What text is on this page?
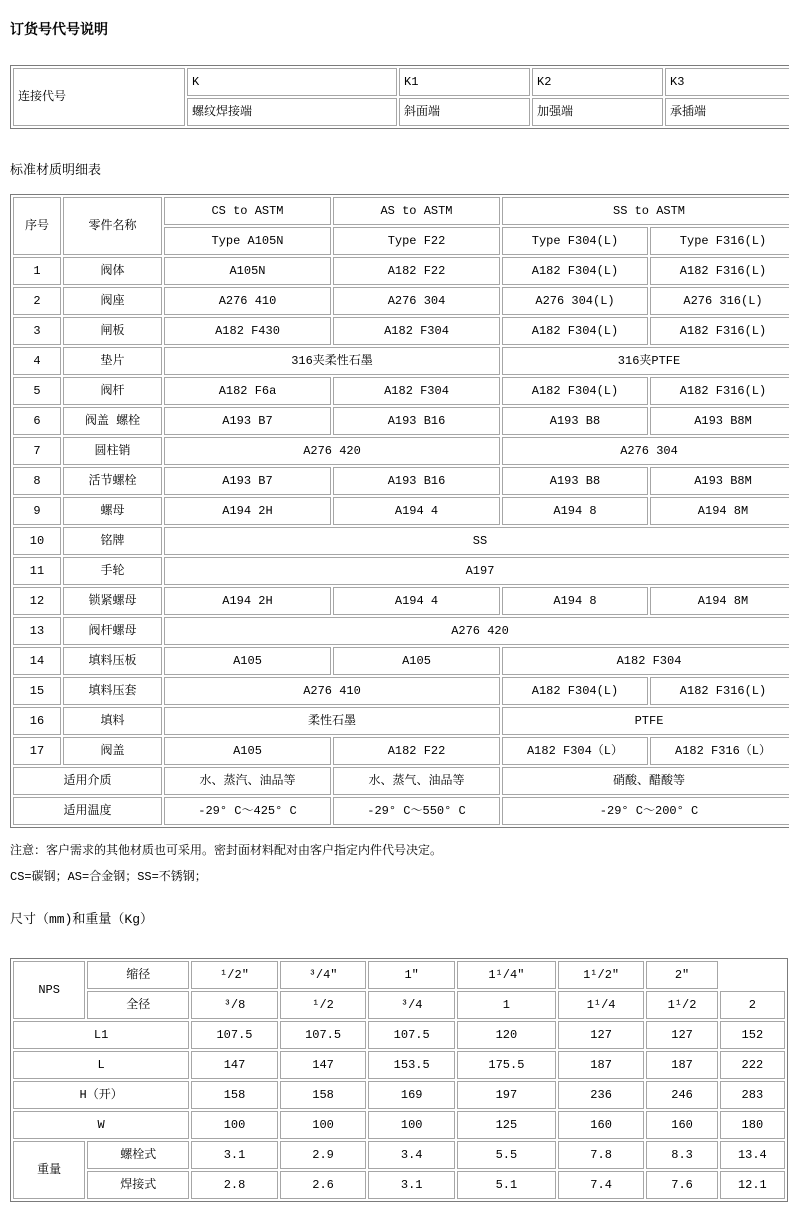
订货号代号说明
连接代号	K	K1	K2	K3
	螺纹焊接端	斜面端	加强端	承插端
标准材质明细表
序号	零件名称	CS to ASTM	AS to ASTM	SS to ASTM	
		Type A105N	Type F22	Type F304(L)	Type F316(L)
1	阀体	A105N	A182 F22	A182 F304(L)	A182 F316(L)
2	阀座	A276 410	A276 304	A276 304(L)	A276 316(L)
3	闸板	A182 F430	A182 F304	A182 F304(L)	A182 F316(L)
4	垫片	316夹柔性石墨		316夹PTFE	
5	阀杆	A182 F6a	A182 F304	A182 F304(L)	A182 F316(L)
6	阀盖 螺栓	A193 B7	A193 B16	A193 B8	A193 B8M
7	圆柱销	A276 420		A276 304	
8	活节螺栓	A193 B7	A193 B16	A193 B8	A193 B8M
9	螺母	A194 2H	A194 4	A194 8	A194 8M
10	铭牌	SS			
11	手轮	A197			
12	锁紧螺母	A194 2H	A194 4	A194 8	A194 8M
13	阀杆螺母	A276 420			
14	填料压板	A105	A105	A182 F304	
15	填料压套	A276 410		A182 F304(L)	A182 F316(L)
16	填料	柔性石墨		PTFE	
17	阀盖	A105	A182 F22	A182 F304（L）	A182 F316（L）
适用介质		水、蒸汽、油品等	水、蒸气、油品等	硝酸、醋酸等	
适用温度		-29° C～425° C	-29° C～550° C	-29° C～200° C	

注意：客户需求的其他材质也可采用。密封面材料配对由客户指定内件代号决定。

CS=碳钢；AS=合金钢；SS=不锈钢；

尺寸（mm)和重量（Kg）
NPS	缩径	¹/2″	³/4″	1″	1¹/4″	1¹/2″	2″	
	全径	³/8	¹/2	³/4	1	1¹/4	1¹/2	2
L1		107.5	107.5	107.5	120	127	127	152
L		147	147	153.5	175.5	187	187	222
H（开）		158	158	169	197	236	246	283
W		100	100	100	125	160	160	180
重量	螺栓式	3.1	2.9	3.4	5.5	7.8	8.3	13.4
	焊接式	2.8	2.6	3.1	5.1	7.4	7.6	12.1
